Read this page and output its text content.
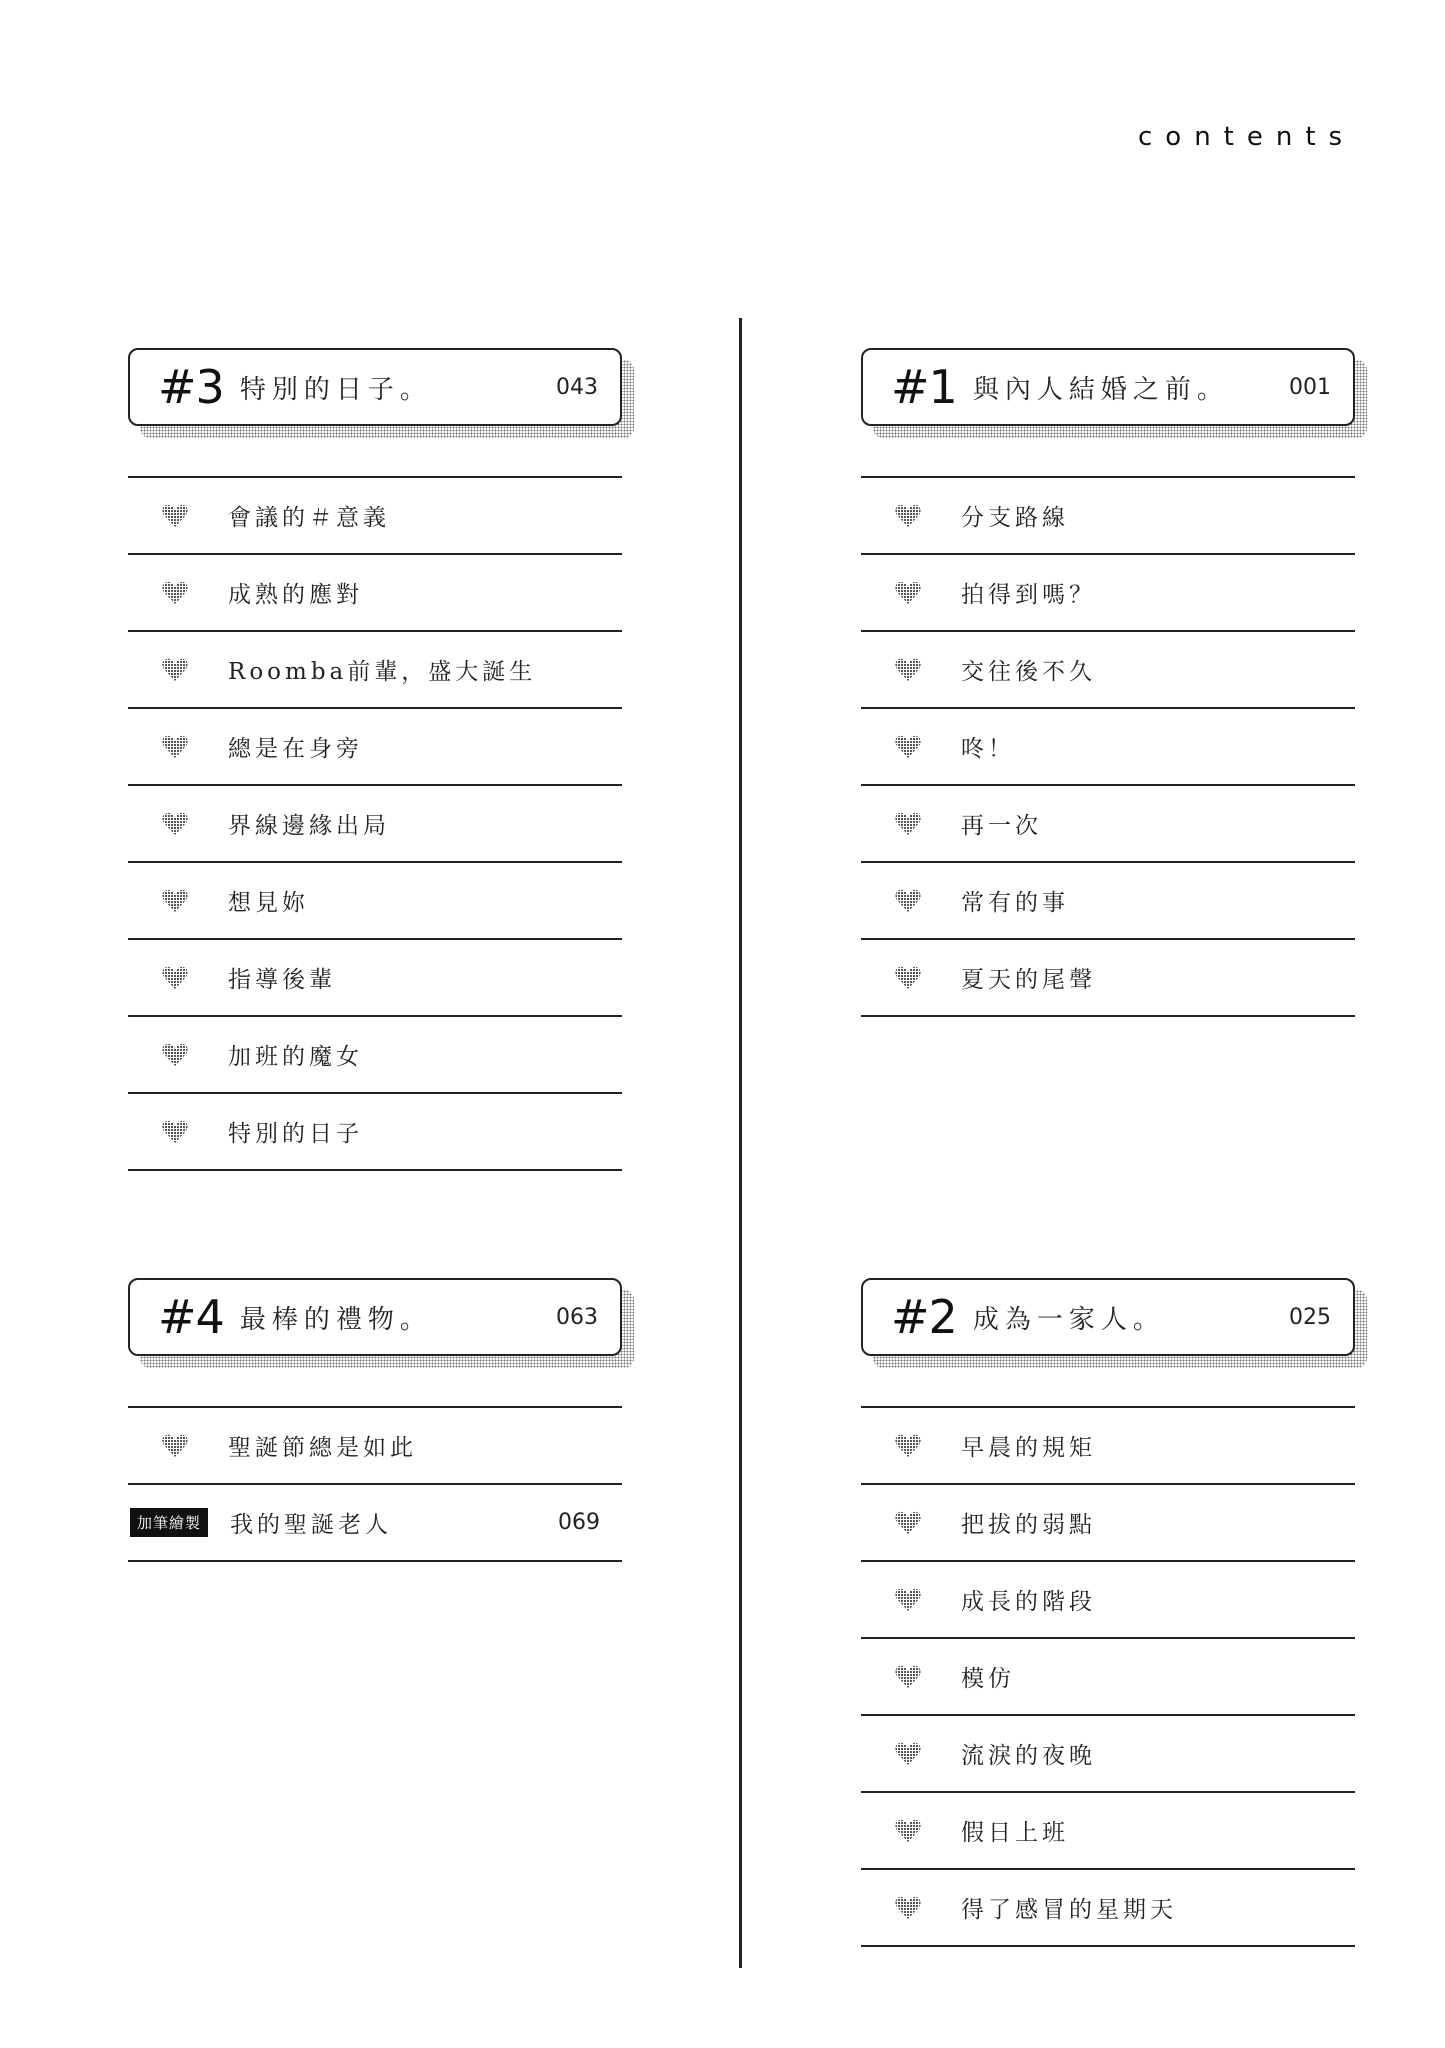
contents
#3 特別的日子。	043
會議的＃意義
成熟的應對
Roomba前輩，盛大誕生
總是在身旁
界線邊緣出局
想見妳
指導後輩
加班的魔女
特別的日子
#1 與內人結婚之前。	001
分支路線
拍得到嗎？
交往後不久
咚！
再一次
常有的事
夏天的尾聲
#4 最棒的禮物。	063
聖誕節總是如此
加筆繪製	我的聖誕老人	069
#2 成為一家人。	025
早晨的規矩
把拔的弱點
成長的階段
模仿
流淚的夜晚
假日上班
得了感冒的星期天
